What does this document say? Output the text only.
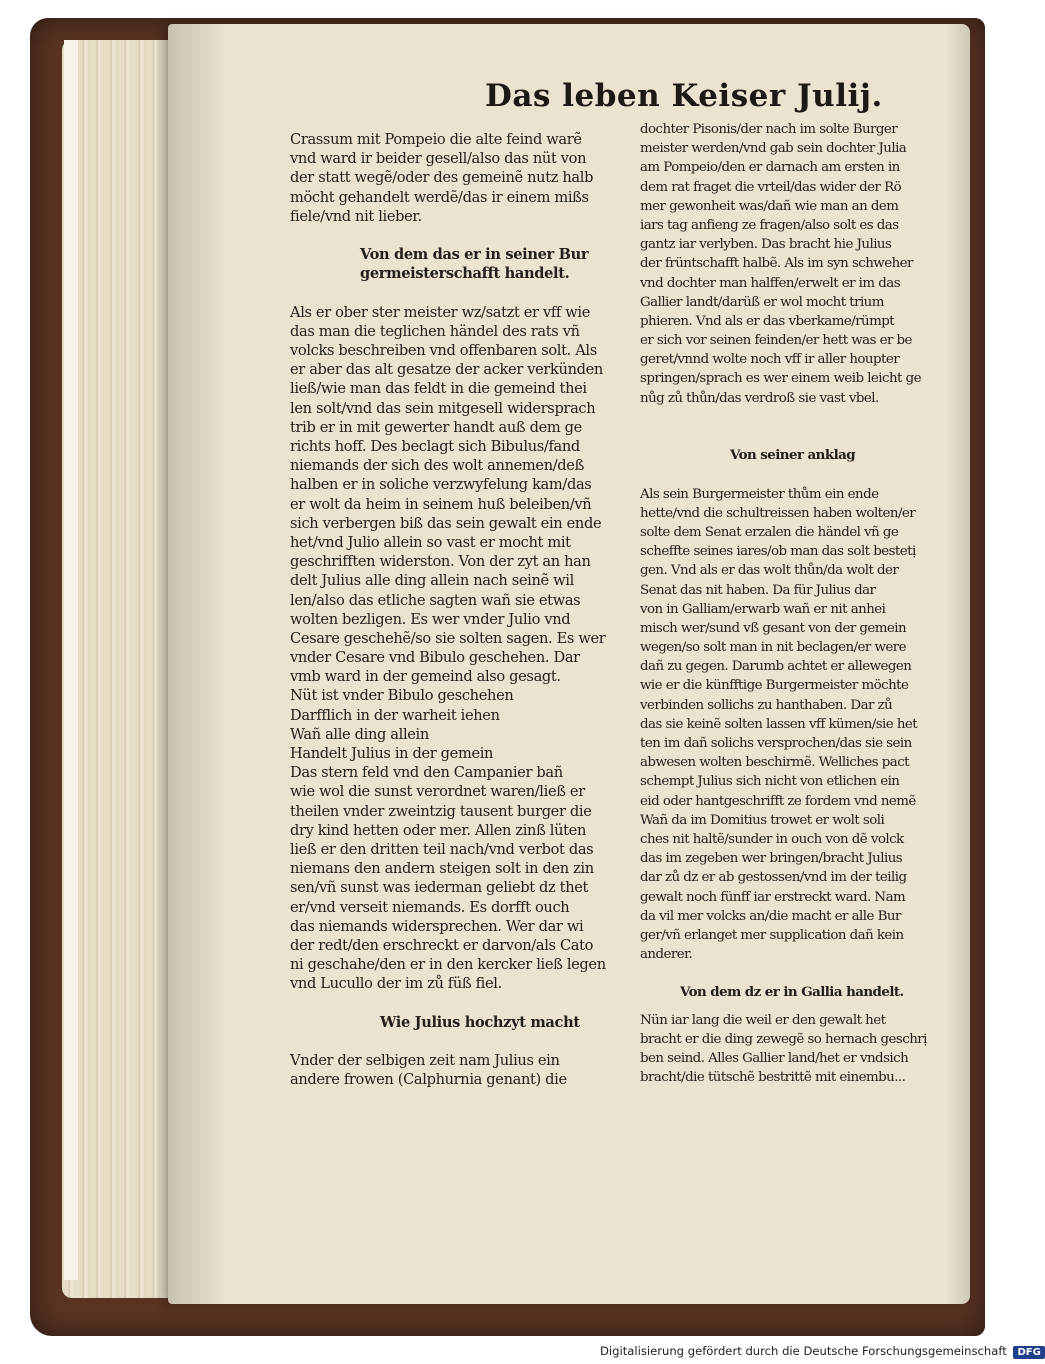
Das leben Keiser Julij.
Crassum mit Pompeio die alte feind warẽ
vnd ward ir beider gesell/also das nüt von
der statt wegẽ/oder des gemeinẽ nutz halb
möcht gehandelt werdẽ/das ir einem mißs
fiele/vnd nit lieber.
Von dem das er in seiner Bur
germeisterschafft handelt.
Als er ober ster meister wz/satzt er vff wie
das man die teglichen händel des rats vñ
volcks beschreiben vnd offenbaren solt. Als
er aber das alt gesatze der acker verkünden
ließ/wie man das feldt in die gemeind thei
len solt/vnd das sein mitgesell widersprach
trib er in mit gewerter handt auß dem ge
richts hoff. Des beclagt sich Bibulus/fand
niemands der sich des wolt annemen/deß
halben er in soliche verzwyfelung kam/das
er wolt da heim in seinem huß beleiben/vñ
sich verbergen biß das sein gewalt ein ende
het/vnd Julio allein so vast er mocht mit
geschrifften widerston. Von der zyt an han
delt Julius alle ding allein nach seinẽ wil
len/also das etliche sagten wañ sie etwas
wolten bezligen. Es wer vnder Julio vnd
Cesare geschehẽ/so sie solten sagen. Es wer
vnder Cesare vnd Bibulo geschehen. Dar
vmb ward in der gemeind also gesagt.
Nüt ist vnder Bibulo geschehen
Darfflich in der warheit iehen
Wañ alle ding allein
Handelt Julius in der gemein
Das stern feld vnd den Campanier bañ
wie wol die sunst verordnet waren/ließ er
theilen vnder zweintzig tausent burger die
dry kind hetten oder mer. Allen zinß lüten
ließ er den dritten teil nach/vnd verbot das
niemans den andern steigen solt in den zin
sen/vñ sunst was iederman geliebt dz thet
er/vnd verseit niemands. Es dorfft ouch
das niemands widersprechen. Wer dar wi
der redt/den erschreckt er darvon/als Cato
ni geschahe/den er in den kercker ließ legen
vnd Lucullo der im zů füß fiel.
Wie Julius hochzyt macht
Vnder der selbigen zeit nam Julius ein
andere frowen (Calphurnia genant) die
dochter Pisonis/der nach im solte Burger
meister werden/vnd gab sein dochter Julia
am Pompeio/den er darnach am ersten in
dem rat fraget die vrteil/das wider der Rö
mer gewonheit was/dañ wie man an dem
iars tag anfieng ze fragen/also solt es das
gantz iar verlyben. Das bracht hie Julius
der früntschafft halbẽ. Als im syn schweher
vnd dochter man halffen/erwelt er im das
Gallier landt/darüß er wol mocht trium
phieren. Vnd als er das vberkame/rümpt
er sich vor seinen feinden/er hett was er be
geret/vnnd wolte noch vff ir aller houpter
springen/sprach es wer einem weib leicht ge
nůg zů thůn/das verdroß sie vast vbel.
Von seiner anklag
Als sein Burgermeister thům ein ende
hette/vnd die schultreissen haben wolten/er
solte dem Senat erzalen die händel vñ ge
scheffte seines iares/ob man das solt bestetị
gen. Vnd als er das wolt thůn/da wolt der
Senat das nit haben. Da für Julius dar
von in Galliam/erwarb wañ er nit anhei
misch wer/sund vß gesant von der gemein
wegen/so solt man in nit beclagen/er were
dañ zu gegen. Darumb achtet er allewegen
wie er die künfftige Burgermeister möchte
verbinden sollichs zu hanthaben. Dar zů
das sie keinẽ solten lassen vff kümen/sie het
ten im dañ solichs versprochen/das sie sein
abwesen wolten beschirmẽ. Welliches pact
schempt Julius sich nicht von etlichen ein
eid oder hantgeschrifft ze fordem vnd nemẽ
Wañ da im Domitius trowet er wolt soli
ches nit haltẽ/sunder in ouch von dẽ volck
das im zegeben wer bringen/bracht Julius
dar zů dz er ab gestossen/vnd im der teilig
gewalt noch fünff iar erstreckt ward. Nam
da vil mer volcks an/die macht er alle Bur
ger/vñ erlanget mer supplication dañ kein
anderer.
Von dem dz er in Gallia handelt.
Nün iar lang die weil er den gewalt het
bracht er die ding zewegẽ so hernach geschrị
ben seind. Alles Gallier land/het er vndsich
bracht/die tütschẽ bestrittẽ mit einembu...
Digitalisierung gefördert durch die Deutsche Forschungsgemeinschaft DFG
